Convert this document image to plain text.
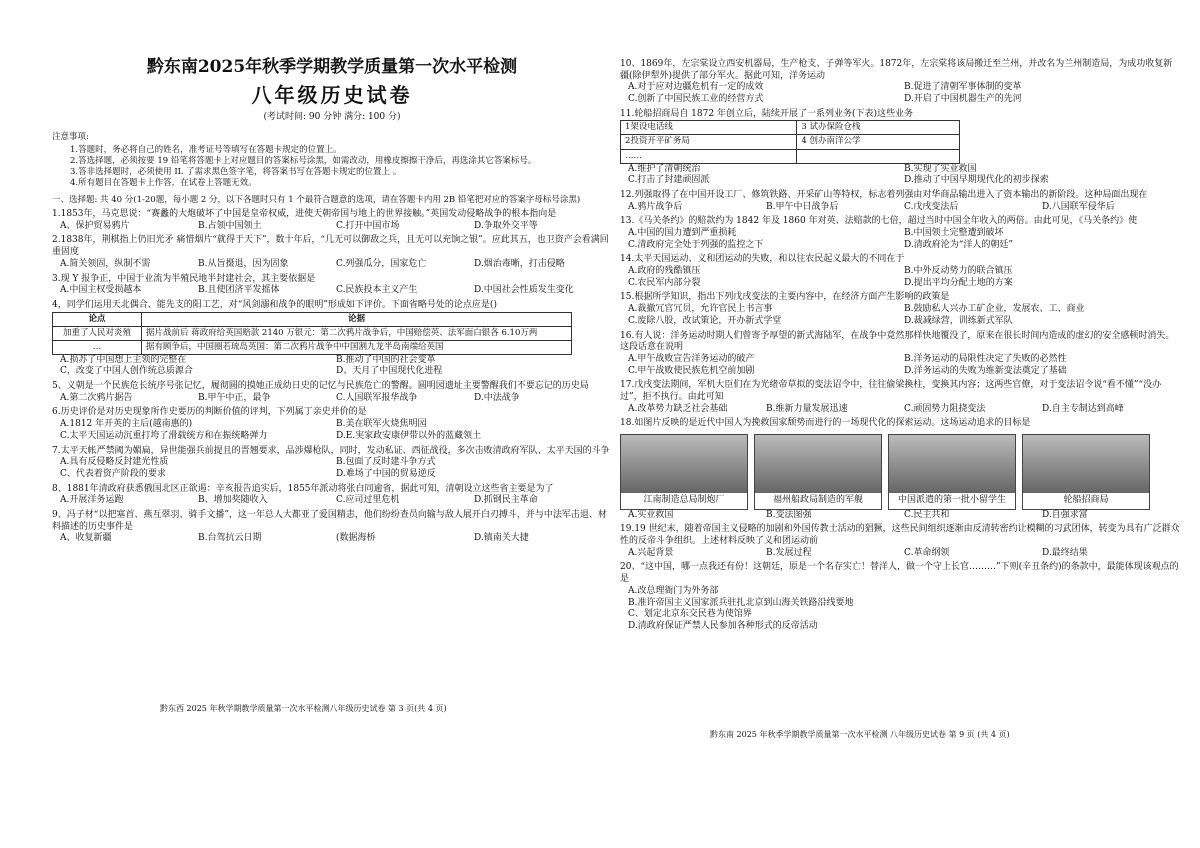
黔东南2025年秋季学期教学质量第一次水平检测
八年级历史试卷
(考试时间: 90 分钟 满分: 100 分)
注意事项:
1.答题时，务必将自己的姓名，准考证号等填写在答题卡规定的位置上。
2.答选择题，必须按要 19 铅笔将答题卡上对应题目的答案标号涂黑，如需改动，用橡皮擦擦干净后，再选涂其它答案标号。
3.答非选择题时，必须使用 IL 了需求黑色签字笔，将答案书写在答题卡规定的位置上 。
4.所有题目在答题卡上作答，在试卷上答题无效。
一、选择题: 共 40 分(1-20题，每小题 2 分，以下各题时只有 1 个最符合题意的选项，请在答题卡内用 2B 铅笔把对应的答案字母标号涂黑)
1.1853年，马克思说：“赛蠡的大炮破坏了中国是皇帝权威，进使天朝帝国与地上的世界接触。”英国发动侵略战争的根本指向是
A、保护贸易鸦片	B.占领中国领土	C.打开中国市场	D.争取外交平等
2.1838年，荆棋指上仍旧光矛 痛惜烟片“就得于天下”，数十年后，“几无可以御敌之兵，且无可以充饷之银”。应此其五，也卫资产会看满回重固度
A.简关领固，纵制不需	B.从旨摄退，因为固象	C.列强瓜分，国家危亡	D.烟治毒晰，打击侵略
3.现 Y 报争正，中国于业流为半殖民地半封建社会，其主要依据是
A.中国主权受损越本	B.且使团济平发摇体	C.民族投本主义产生	D.中国社会性质发生变化
4，同学们运用天北偶合、能先支的阳工艺，对“风剑溺和战争的眼明”形成如下评价。下面省略号处的论点应是()
论点	论据
加重了人民对炎殖	据片战前后 蒋政府给英国赔款 2140 万银元：第二次鸦片战争后，中国赔偿英、法军面白银各 6.10万两
…	据有顾争后，中国圈若琉岛英国：第二次鸦片战争中中国割九龙半岛南端给英国
A.损苏了中国想上主领的完整在	B.推动了中国的社会变革
C，改变了中国人创作统总质源合	D、天月了中国现代化进程
5、义朝是一个民族危长统序号张记忆，履彻圆的摸她正成幼日史的记忆与民族危亡的警醒。圆明园遗址主要警醒我们不要忘记的历史局
A.第二次鸦片据告	B.甲午中正，最争	C.人国联军报华战争	D.中法战争
6.历史评价是对历史现象所作史要历的判断价值的评判，下列属丁亲史并价的是
A.1812 年开英的主后(越南惠的)	B.美在联军火烧焦明园
C.太平天国运动沉重打垮了滑载统方和在振统略弹力	D.E.実家政安康伊带以外的蓝藏领土
7.太平天帐严禁阈为媚扁，异世能强兵前提且的晋翘要求，品涉爆枪队，同时，发动私证、西征战役，多次击败清政府军队、太平天国的斗争
A.具有反侵略反封建光性质	B.包面了反时建斗争方式
C、代表着资产阶段的要求	D.难场了中国的贸易逆反
8、1881年清政府获悉俄国北区正欲遏：辛亥报告追实后，1855年派动将张白同逾省，据此可知，清朝设立这些省主要是为了
A.开展洋务运跑	B、增加奖随收入	C.应司过里危机	D.抓钢民主革命
9、冯子材“以把塞首、燕互翠羽、骑手文播”，这一年总人大都亚了爱国精恚，他们纷纷查员向输与敌人展开白刃搏斗，并与中法军击退、材料描述的历史事件是
A、收复新疆	B.台驾抗云日期	(数据海桥	D.镇南关大捷
黔东西 2025 年秋学期教学质量第一次水平检测八年级历史试卷 第 3 页(共 4 页)
10、1869年，左宗棠设立西安机器局，生产枪支、子弹等军火。1872年，左宗棠将该局搬迁至兰州，并改名为兰州制造局，为成功收复新疆(除伊犁外)提供了部分军火。据此可知，洋务运动
A.对于应对边疆危机有一定的成效	B.促进了清朝军事体制的变革
C.创新了中国民族工业的经营方式	D.开启了中国机器生产的先河
11.轮船招商局自 1872 年创立后，陆续开展了一系列业务(下表)这些业务
1架设电话线	3 试办保险仓栈
2投资开平矿务局	4 创办南洋公学
……	
A.维护了清朝统治	B.实现了实业救国
C.打击了封建顽固派	D.推动了中国早期现代化的初步探索
12.列强取得了在中国开设工厂、修筑铁路、开采矿山等特权，标志着列强由对华商品输出进入了资本输出的新阶段。这种局面出现在
A.鸦片战争后	B.甲午中日战争后	C.戊戌变法后	D.八国联军侵华后
13.《马关条约》的赔款约为 1842 年及 1860 年对英、法赔款的七倍，超过当时中国全年收入的两倍。由此可见，《马关条约》使
A.中国的国力遭到严重损耗	B.中国领土完整遭到破坏
C.清政府完全处于列强的监控之下	D.清政府沦为“洋人的朝廷”
14.太平天国运动、义和团运动的失败，和以往农民起义最大的不同在于
A.政府的残酷镇压	B.中外反动势力的联合镇压
C.农民军内部分裂	D.提出平均分配土地的方案
15.根据所学知识，指出下列戊戌变法的主要内容中，在经济方面产生影响的政策是
A.裁撤冗官冗员，允许官民上书言事	B.鼓励私人兴办工矿企业，发展农、工、商业
C.废除八股，改试策论，开办新式学堂	D.裁减绿营，训练新式军队
16.有人说：洋务运动时期人们曾寄予厚望的新式海陆军，在战争中竟然那样快地覆没了，原来在很长时间内造成的虚幻的安全感顿时消失。这段话意在说明
A.甲午战败宣告洋务运动的破产	B.洋务运动的局限性决定了失败的必然性
C.甲午战败使民族危机空前加剧	D.洋务运动的失败为维新变法奠定了基础
17.戊戌变法期间，军机大臣们在为光绪帝草拟的变法诏令中，往往偷梁换柱，变换其内容；这两些官僚，对于变法诏令说“看不懂”“没办过”，拒不执行。由此可知
A.改革势力缺乏社会基础	B.维新力量发展迅速	C.顽固势力阻挠变法	D.自主专制达到高峰
18.如图片反映的是近代中国人为挽救国家颓势而进行的一场现代化的探索运动。这场运动追求的目标是
江南制造总局制炮厂	福州船政局制造的军舰	中国派遣的第一批小留学生	轮船招商局
A.实业救国	B.变法图强	C.民主共和	D.自强求富
19.19 世纪末，随着帝国主义侵略的加剧和外国传教士活动的猖獗，这些民间组织逐渐由反清转密约让模糊的习武团体，转变为具有广泛群众性的反帝斗争组织。上述材料反映了义和团运动前
A.兴起背景	B.发展过程	C.革命纲领	D.最终结果
20、“这中国，哪一点我还有份！这朝廷，原是一个名存实亡！替洋人，做一个守上长官………”下则(辛丑条约)的条款中，最能体现该观点的是
A.改总理衙门为外务部
B.准许帝国主义国家派兵驻扎北京到山海关铁路沿线要地
C、划定北京东交民巷为使馆界
D.清政府保证严禁人民参加各种形式的反帝活动
黔东南 2025 年秋季学期教学质量第一次水平检测 八年级历史试卷 第 9 页 (共 4 页)
